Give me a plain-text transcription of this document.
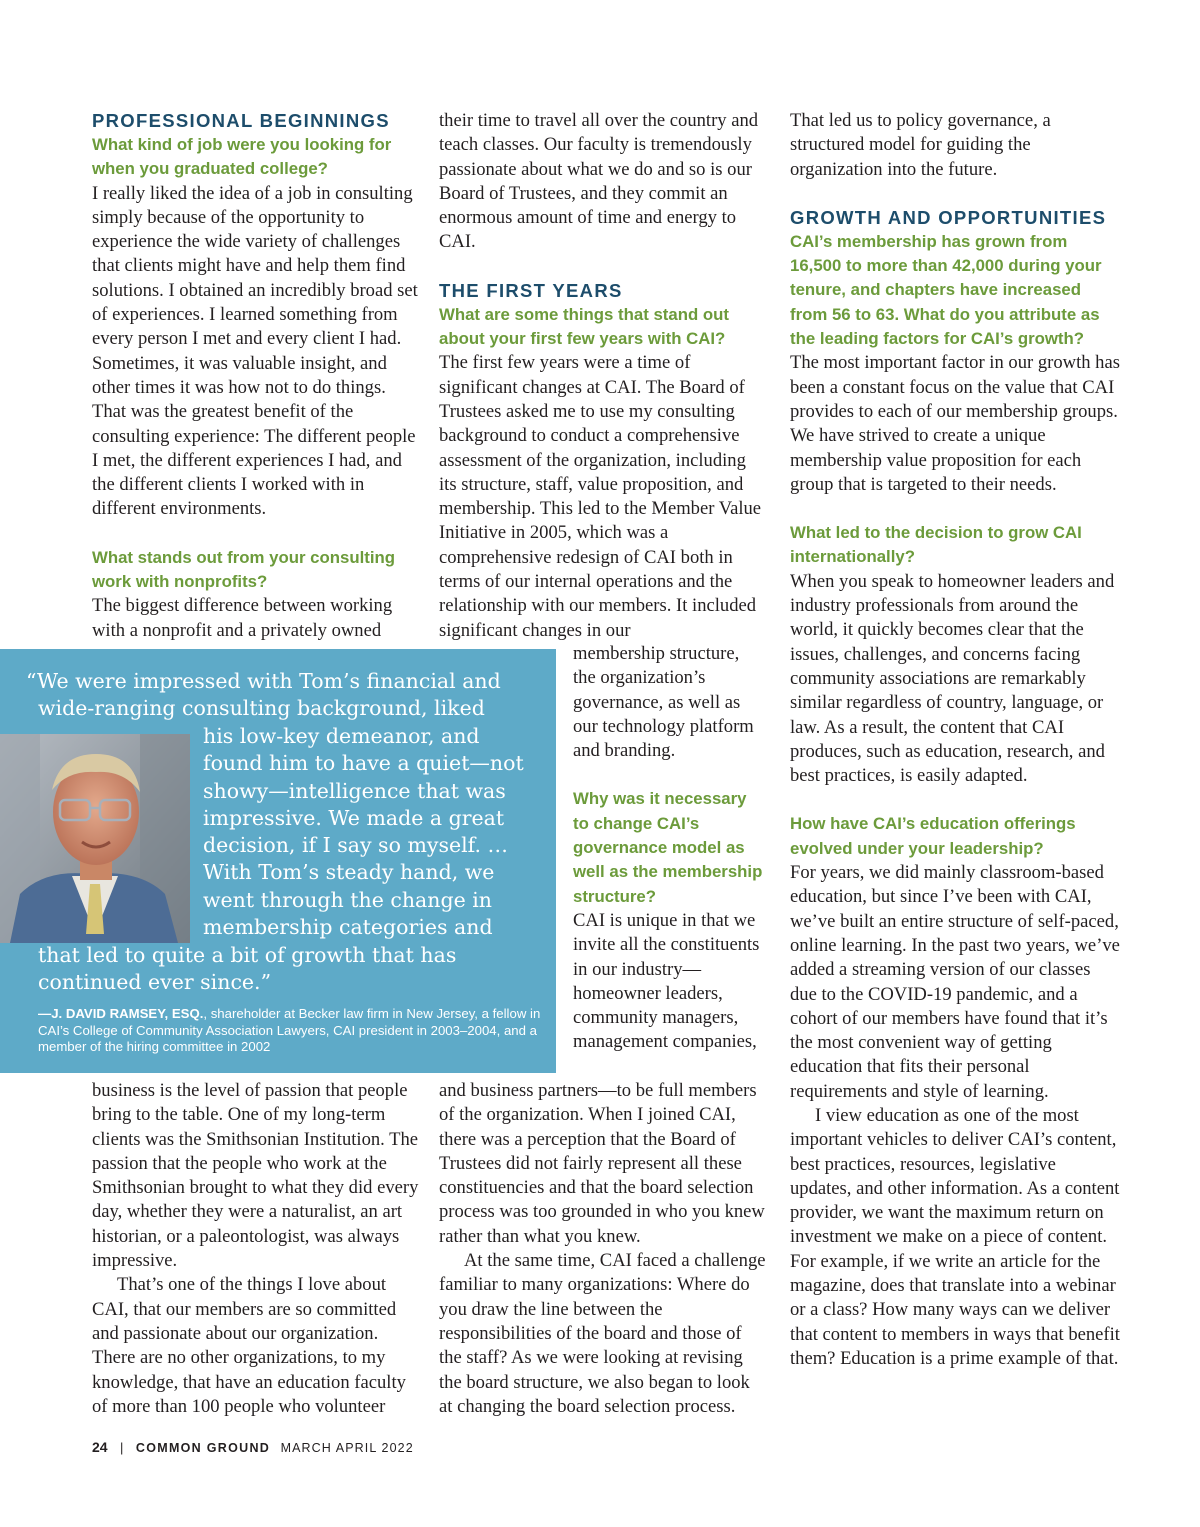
PROFESSIONAL BEGINNINGS
What kind of job were you looking for when you graduated college?

I really liked the idea of a job in consulting simply because of the opportunity to experience the wide variety of challenges that clients might have and help them find solutions. I obtained an incredibly broad set of experiences. I learned something from every person I met and every client I had. Sometimes, it was valuable insight, and other times it was how not to do things. That was the greatest benefit of the consulting experience: The different people I met, the different experiences I had, and the different clients I worked with in different environments.

What stands out from your consulting work with nonprofits?

The biggest difference between working with a nonprofit and a privately owned

business is the level of passion that people bring to the table. One of my long-term clients was the Smithsonian Institution. The passion that the people who work at the Smithsonian brought to what they did every day, whether they were a naturalist, an art historian, or a paleontologist, was always impressive.

That’s one of the things I love about CAI, that our members are so committed and passionate about our organization. There are no other organizations, to my knowledge, that have an education faculty of more than 100 people who volunteer

their time to travel all over the country and teach classes. Our faculty is tremendously passionate about what we do and so is our Board of Trustees, and they commit an enormous amount of time and energy to CAI.

THE FIRST YEARS
What are some things that stand out about your first few years with CAI?

The first few years were a time of significant changes at CAI. The Board of Trustees asked me to use my consulting background to conduct a comprehensive assessment of the organization, including its structure, staff, value proposition, and membership. This led to the Member Value Initiative in 2005, which was a comprehensive redesign of CAI both in terms of our internal operations and the relationship with our members. It included significant changes in our

membership structure, the organization’s governance, as well as our technology platform and branding.

Why was it necessary to change CAI’s governance model as well as the membership structure?

CAI is unique in that we invite all the constituents in our industry—homeowner leaders, community managers, management companies,

and business partners—to be full members of the organization. When I joined CAI, there was a perception that the Board of Trustees did not fairly represent all these constituencies and that the board selection process was too grounded in who you knew rather than what you knew.

At the same time, CAI faced a challenge familiar to many organizations: Where do you draw the line between the responsibilities of the board and those of the staff? As we were looking at revising the board structure, we also began to look at changing the board selection process.

That led us to policy governance, a structured model for guiding the organization into the future.

GROWTH AND OPPORTUNITIES
CAI’s membership has grown from 16,500 to more than 42,000 during your tenure, and chapters have increased from 56 to 63. What do you attribute as the leading factors for CAI’s growth?

The most important factor in our growth has been a constant focus on the value that CAI provides to each of our membership groups. We have strived to create a unique membership value proposition for each group that is targeted to their needs.

What led to the decision to grow CAI internationally?

When you speak to homeowner leaders and industry professionals from around the world, it quickly becomes clear that the issues, challenges, and concerns facing community associations are remarkably similar regardless of country, language, or law. As a result, the content that CAI produces, such as education, research, and best practices, is easily adapted.

How have CAI’s education offerings evolved under your leadership?

For years, we did mainly classroom-based education, but since I’ve been with CAI, we’ve built an entire structure of self-paced, online learning. In the past two years, we’ve added a streaming version of our classes due to the COVID-19 pandemic, and a cohort of our members have found that it’s the most convenient way of getting education that fits their personal requirements and style of learning.

I view education as one of the most important vehicles to deliver CAI’s content, best practices, resources, legislative updates, and other information. As a content provider, we want the maximum return on investment we make on a piece of content. For example, if we write an article for the magazine, does that translate into a webinar or a class? How many ways can we deliver that content to members in ways that benefit them? Education is a prime example of that.

“We were impressed with Tom’s financial and

wide-ranging consulting background, liked

his low-key demeanor, and

found him to have a quiet—not

showy—intelligence that was

impressive. We made a great

decision, if I say so myself. …

With Tom’s steady hand, we

went through the change in

membership categories and

that led to quite a bit of growth that has

continued ever since.”

—J. DAVID RAMSEY, ESQ., shareholder at Becker law firm in New Jersey, a fellow in CAI’s College of Community Association Lawyers, CAI president in 2003–2004, and a member of the hiring committee in 2002

24 | COMMON GROUND MARCH APRIL 2022
